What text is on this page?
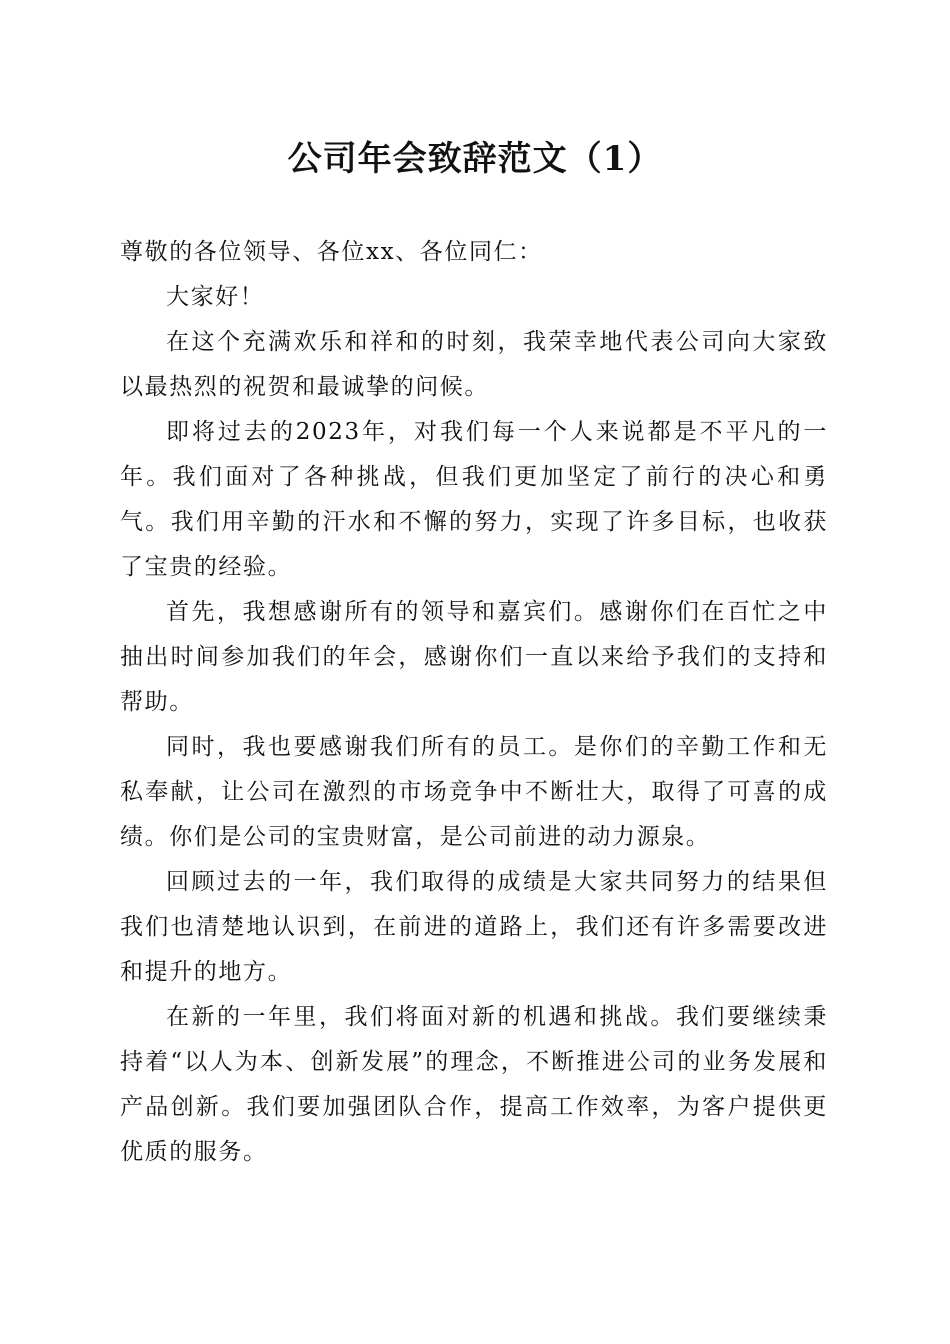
公司年会致辞范文（1）

尊敬的各位领导、各位xx、各位同仁：

大家好！

在这个充满欢乐和祥和的时刻，我荣幸地代表公司向大家致以最热烈的祝贺和最诚挚的问候。

即将过去的2023年，对我们每一个人来说都是不平凡的一年。我们面对了各种挑战，但我们更加坚定了前行的决心和勇气。我们用辛勤的汗水和不懈的努力，实现了许多目标，也收获了宝贵的经验。

首先，我想感谢所有的领导和嘉宾们。感谢你们在百忙之中抽出时间参加我们的年会，感谢你们一直以来给予我们的支持和帮助。

同时，我也要感谢我们所有的员工。是你们的辛勤工作和无私奉献，让公司在激烈的市场竞争中不断壮大，取得了可喜的成绩。你们是公司的宝贵财富，是公司前进的动力源泉。

回顾过去的一年，我们取得的成绩是大家共同努力的结果但我们也清楚地认识到，在前进的道路上，我们还有许多需要改进和提升的地方。

在新的一年里，我们将面对新的机遇和挑战。我们要继续秉持着“以人为本、创新发展”的理念，不断推进公司的业务发展和产品创新。我们要加强团队合作，提高工作效率，为客户提供更优质的服务。
